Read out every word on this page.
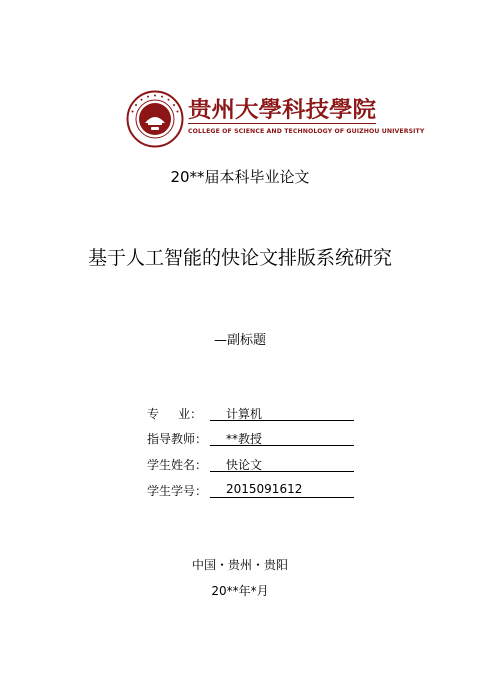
贵州大學科技學院
COLLEGE OF SCIENCE AND TECHNOLOGY OF GUIZHOU UNIVERSITY
20**届本科毕业论文
基于人工智能的快论文排版系统研究
—副标题
专     业：	计算机
指导教师：	**教授
学生姓名：	快论文
学生学号：	2015091612
中国・贵州・贵阳
20**年*月
